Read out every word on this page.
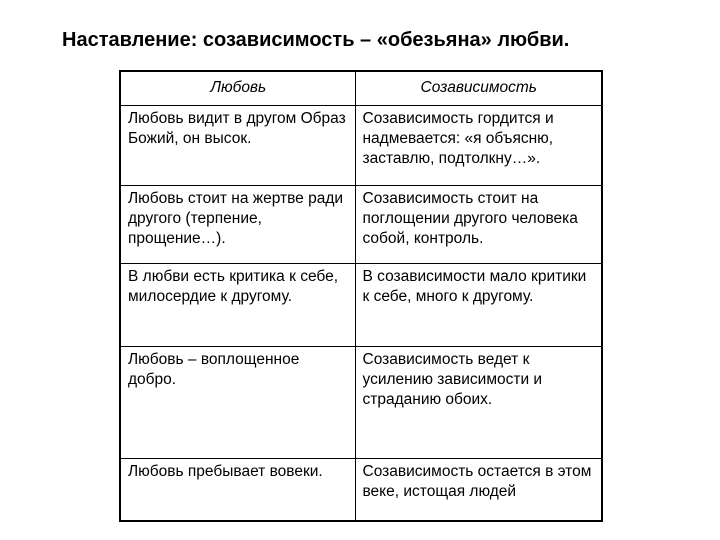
Наставление: созависимость – «обезьяна» любви.
Любовь	Созависимость
Любовь видит в другом Образ Божий, он высок.	Созависимость гордится и надмевается: «я объясню, заставлю, подтолкну…».
Любовь стоит на жертве ради другого (терпение, прощение…).	Созависимость стоит на поглощении другого человека собой, контроль.
В любви есть критика к себе, милосердие к другому.	В созависимости мало критики к себе, много к другому.
Любовь – воплощенное добро.	Созависимость ведет к усилению зависимости и страданию обоих.
Любовь пребывает вовеки.	Созависимость остается в этом веке, истощая людей
